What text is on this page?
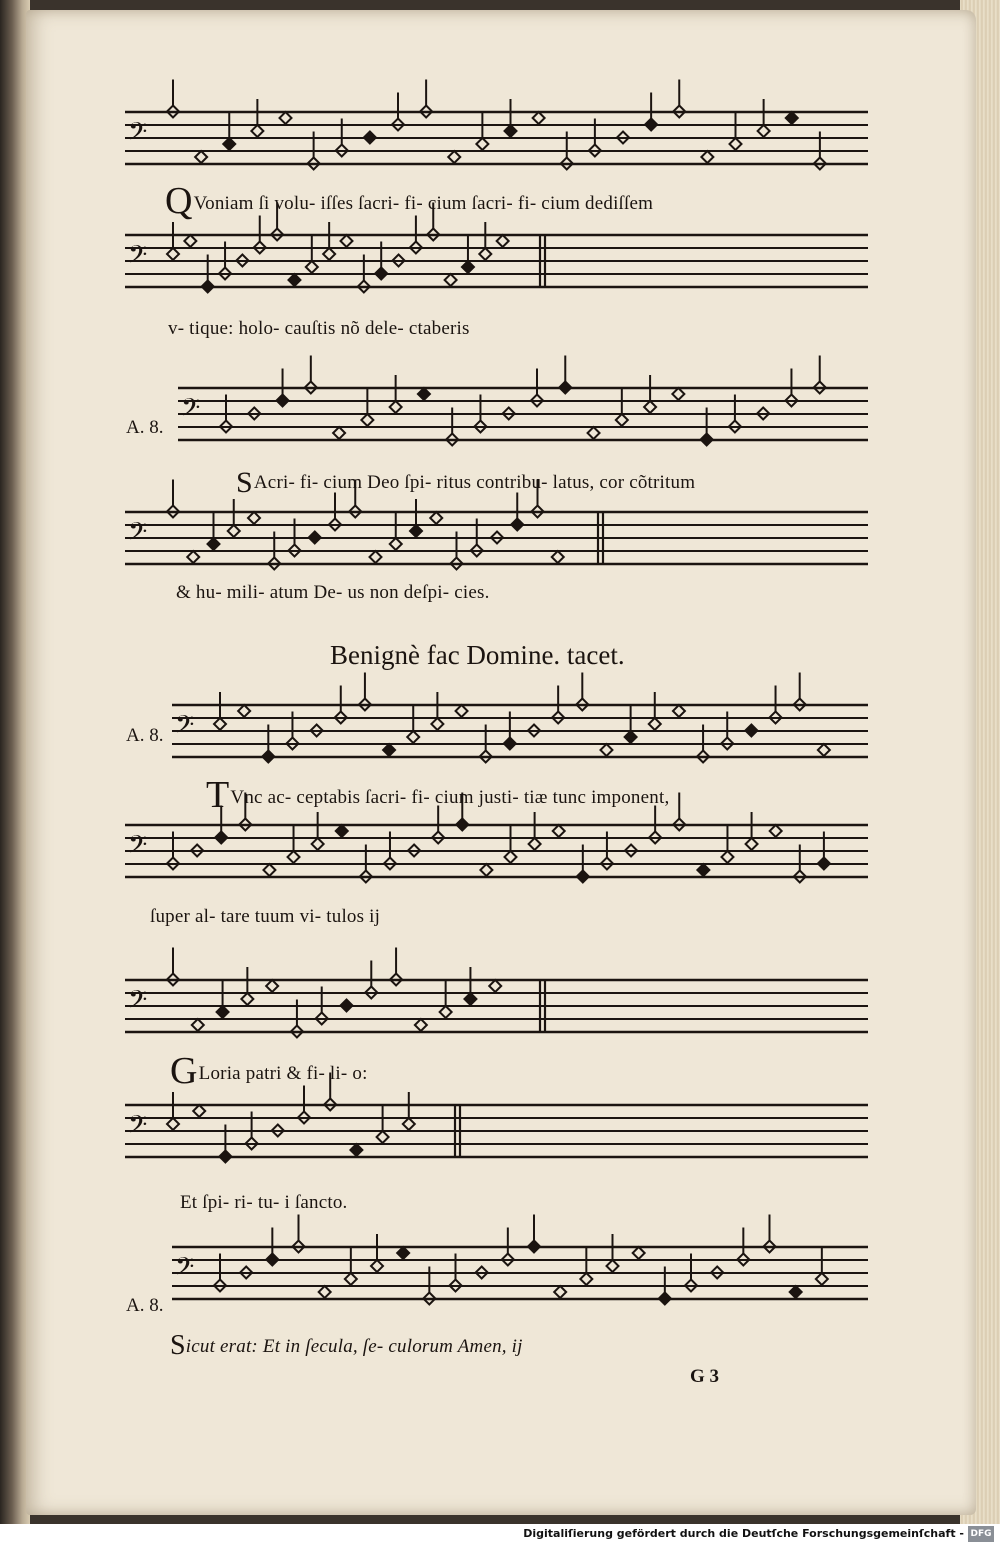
𝄢
𝄢
𝄢
𝄢
𝄢
𝄢
𝄢
𝄢
𝄢
QVoniam ſi volu- iſſes ſacri- fi- cium ſacri- fi- cium dediſſem
v- tique: holo- cauſtis nõ dele- ctaberis
A. 8.
SAcri- fi- cium Deo ſpi- ritus contribu- latus, cor cõtritum
& hu- mili- atum De- us non deſpi- cies.
Benignè fac Domine. tacet.
A. 8.
TVnc ac- ceptabis ſacri- fi- cium justi- tiæ tunc imponent,
ſuper al- tare tuum vi- tulos ij
GLoria patri & fi- li- o:
Et ſpi- ri- tu- i ſancto.
A. 8.
Sicut erat: Et in ſecula, ſe- culorum Amen, ij
G 3
Digitaliſierung gefördert durch die Deutſche Forschungsgemeinſchaft - DFG
